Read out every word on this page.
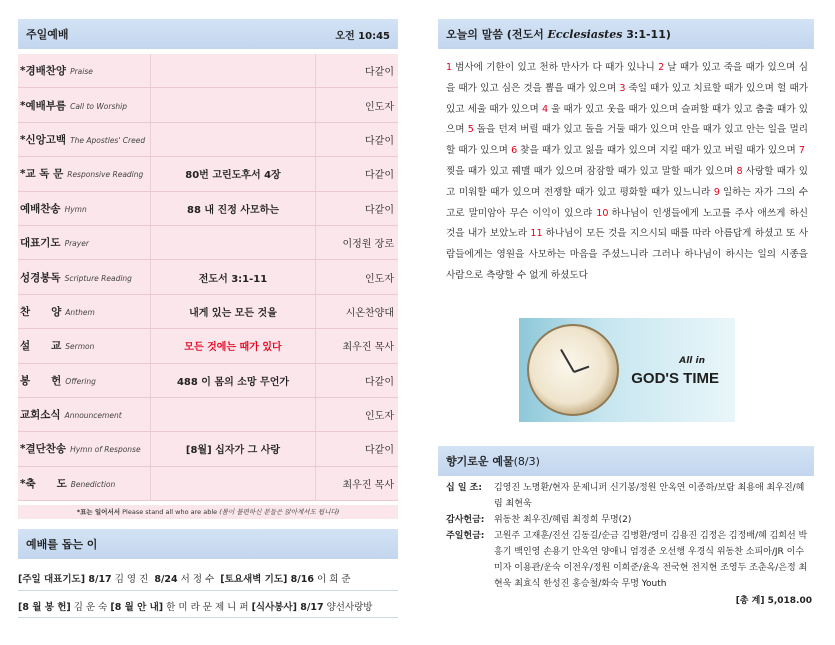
주일예배	오전 10:45
*경배찬양 Praise		다같이
*예배부름 Call to Worship		인도자
*신앙고백 The Apostles' Creed		다같이
*교 독 문 Responsive Reading	80번 고린도후서 4장	다같이
예배찬송 Hymn	88 내 진정 사모하는	다같이
대표기도 Prayer		이정원 장로
성경봉독 Scripture Reading	전도서 3:1-11	인도자
찬　　양 Anthem	내게 있는 모든 것을	시온찬양대
설　　교 Sermon	모든 것에는 때가 있다	최우진 목사
봉　　헌 Offering	488 이 몸의 소망 무언가	다같이
교회소식 Announcement		인도자
*결단찬송 Hymn of Response	[8월] 십자가 그 사랑	다같이
*축　　도 Benediction		최우진 목사
*표는 일어서서 Please stand all who are able (몸이 불편하신 분들은 앉아계셔도 됩니다)
예배를 돕는 이
[주일 대표기도] 8/17 김 영 진 8/24 서 정 수 [토요새벽 기도] 8/16 이 희 준
[8 월 봉 헌] 김 운 숙 [8 월 안 내] 한 미 라 문 제 니 퍼 [식사봉사] 8/17 양선사랑방
오늘의 말씀 (전도서 Ecclesiastes 3:1-11)
1 범사에 기한이 있고 천하 만사가 다 때가 있나니 2 날 때가 있고 죽을 때가 있으며 심을 때가 있고 심은 것을 뽑을 때가 있으며 3 죽일 때가 있고 치료할 때가 있으며 헐 때가 있고 세울 때가 있으며 4 울 때가 있고 웃을 때가 있으며 슬퍼할 때가 있고 춤출 때가 있으며 5 돌을 던져 버릴 때가 있고 돌을 거둘 때가 있으며 안을 때가 있고 안는 일을 멀리 할 때가 있으며 6 찾을 때가 있고 잃을 때가 있으며 지킬 때가 있고 버릴 때가 있으며 7찢을 때가 있고 꿰맬 때가 있으며 잠잠할 때가 있고 말할 때가 있으며 8 사랑할 때가 있고 미워할 때가 있으며 전쟁할 때가 있고 평화할 때가 있느니라 9 일하는 자가 그의 수고로 말미암아 무슨 이익이 있으랴 10 하나님이 인생들에게 노고를 주사 애쓰게 하신 것을 내가 보았노라 11 하나님이 모든 것을 지으시되 때를 따라 아름답게 하셨고 또 사람들에게는 영원을 사모하는 마음을 주셨느니라 그러나 하나님이 하시는 일의 시종을 사람으로 측량할 수 없게 하셨도다
All in
GOD'S TIME
향기로운 예물(8/3)
십 일 조:	김영진 노명환/현자 문제니퍼 신기봉/정원 안옥연 이종하/보람 최용애 최우진/혜림 최현욱
감사헌금:	위동찬 최우진/혜림 최정희 무명(2)
주일헌금:	고원주 고재훈/진선 김동길/순금 김병환/영미 김용진 김정은 김정배/혜 김희선 박흥기 백인영 손용기 안옥연 양애니 엄경준 오선행 우경식 위동찬 소피아/JR 이수미자 이용관/운숙 이전우/정원 이희준/윤옥 전국현 전지현 조영두 조춘옥/은정 최현욱 최효식 한성진 홍승철/화숙 무명 Youth
[총 계] 5,018.00
